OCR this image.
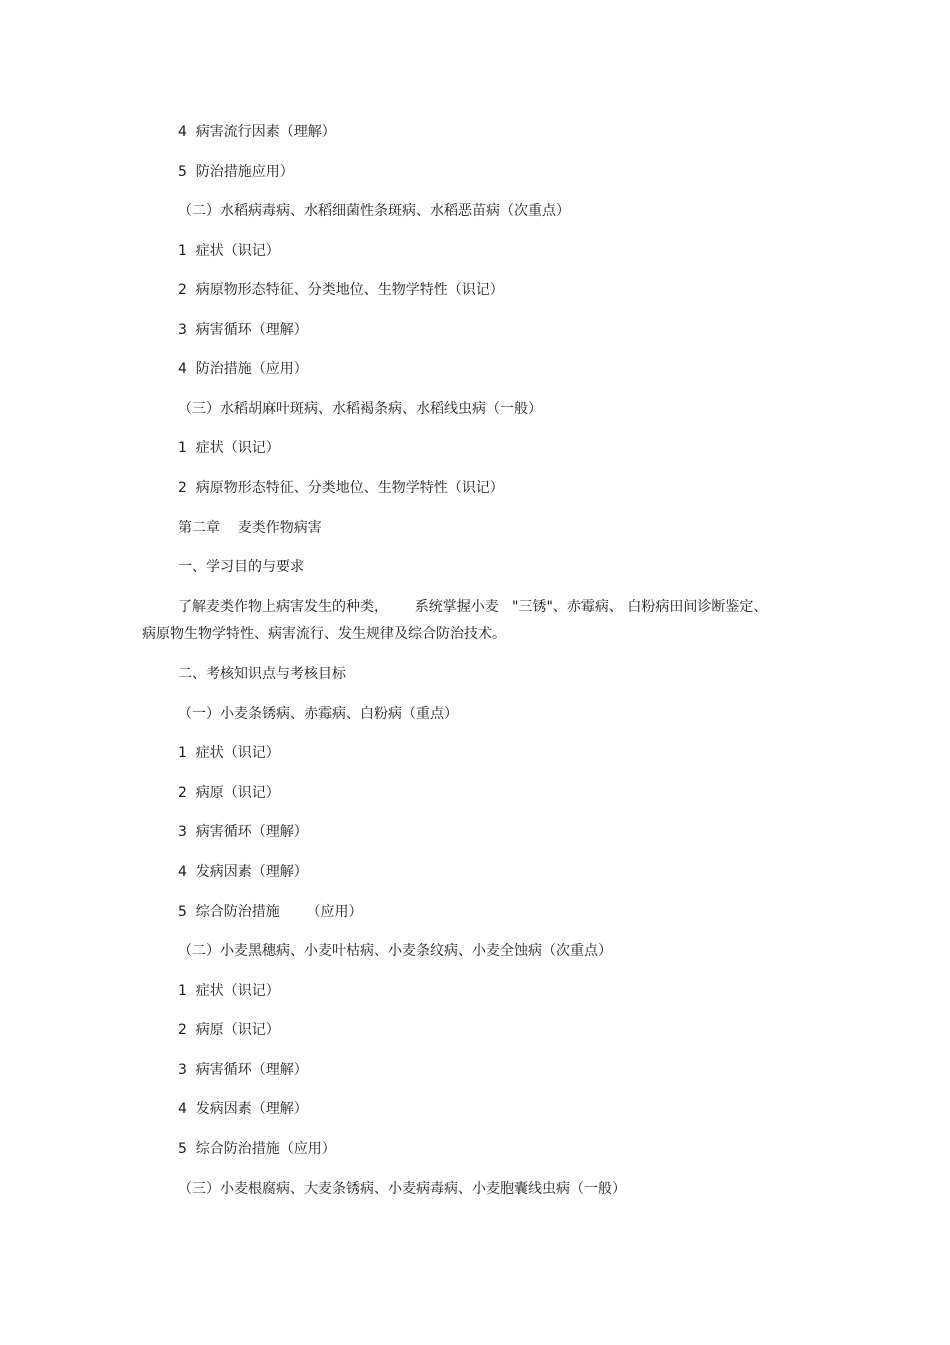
4  病害流行因素（理解）
5  防治措施应用）
（二）水稻病毒病、水稻细菌性条斑病、水稻恶苗病（次重点）
1  症状（识记）
2  病原物形态特征、分类地位、生物学特性（识记）
3  病害循环（理解）
4  防治措施（应用）
（三）水稻胡麻叶斑病、水稻褐条病、水稻线虫病（一般）
1  症状（识记）
2  病原物形态特征、分类地位、生物学特性（识记）
第二章    麦类作物病害
一、学习目的与要求
了解麦类作物上病害发生的种类，      系统掌握小麦   "三锈"、赤霉病、 白粉病田间诊断鉴定、
病原物生物学特性、病害流行、发生规律及综合防治技术。
二、考核知识点与考核目标
（一）小麦条锈病、赤霉病、白粉病（重点）
1  症状（识记）
2  病原（识记）
3  病害循环（理解）
4  发病因素（理解）
5  综合防治措施      （应用）
（二）小麦黑穗病、小麦叶枯病、小麦条纹病、小麦全蚀病（次重点）
1  症状（识记）
2  病原（识记）
3  病害循环（理解）
4  发病因素（理解）
5  综合防治措施（应用）
（三）小麦根腐病、大麦条锈病、小麦病毒病、小麦胞囊线虫病（一般）
